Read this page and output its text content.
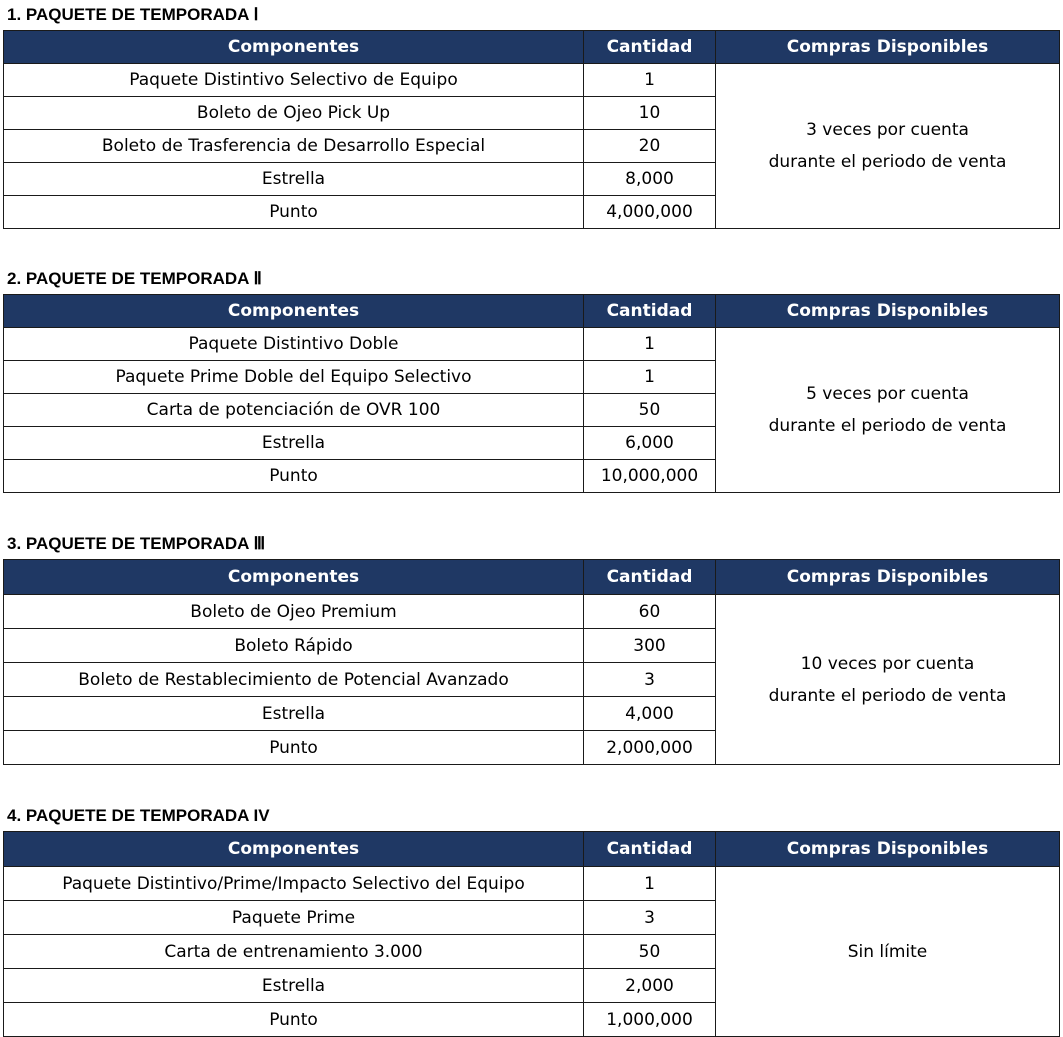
1. PAQUETE DE TEMPORADA Ⅰ
Componentes	Cantidad	Compras Disponibles
Paquete Distintivo Selectivo de Equipo	1	3 veces por cuenta
durante el periodo de venta

Boleto de Ojeo Pick Up	10	
Boleto de Trasferencia de Desarrollo Especial	20	
Estrella	8,000	
Punto	4,000,000	
2. PAQUETE DE TEMPORADA Ⅱ
Componentes	Cantidad	Compras Disponibles
Paquete Distintivo Doble	1	5 veces por cuenta
durante el periodo de venta

Paquete Prime Doble del Equipo Selectivo	1	
Carta de potenciación de OVR 100	50	
Estrella	6,000	
Punto	10,000,000	
3. PAQUETE DE TEMPORADA Ⅲ
Componentes	Cantidad	Compras Disponibles
Boleto de Ojeo Premium	60	10 veces por cuenta
durante el periodo de venta

Boleto Rápido	300	
Boleto de Restablecimiento de Potencial Avanzado	3	
Estrella	4,000	
Punto	2,000,000	
4. PAQUETE DE TEMPORADA IV
Componentes	Cantidad	Compras Disponibles
Paquete Distintivo/Prime/Impacto Selectivo del Equipo	1	Sin límite

Paquete Prime	3	
Carta de entrenamiento 3.000	50	
Estrella	2,000	
Punto	1,000,000	
